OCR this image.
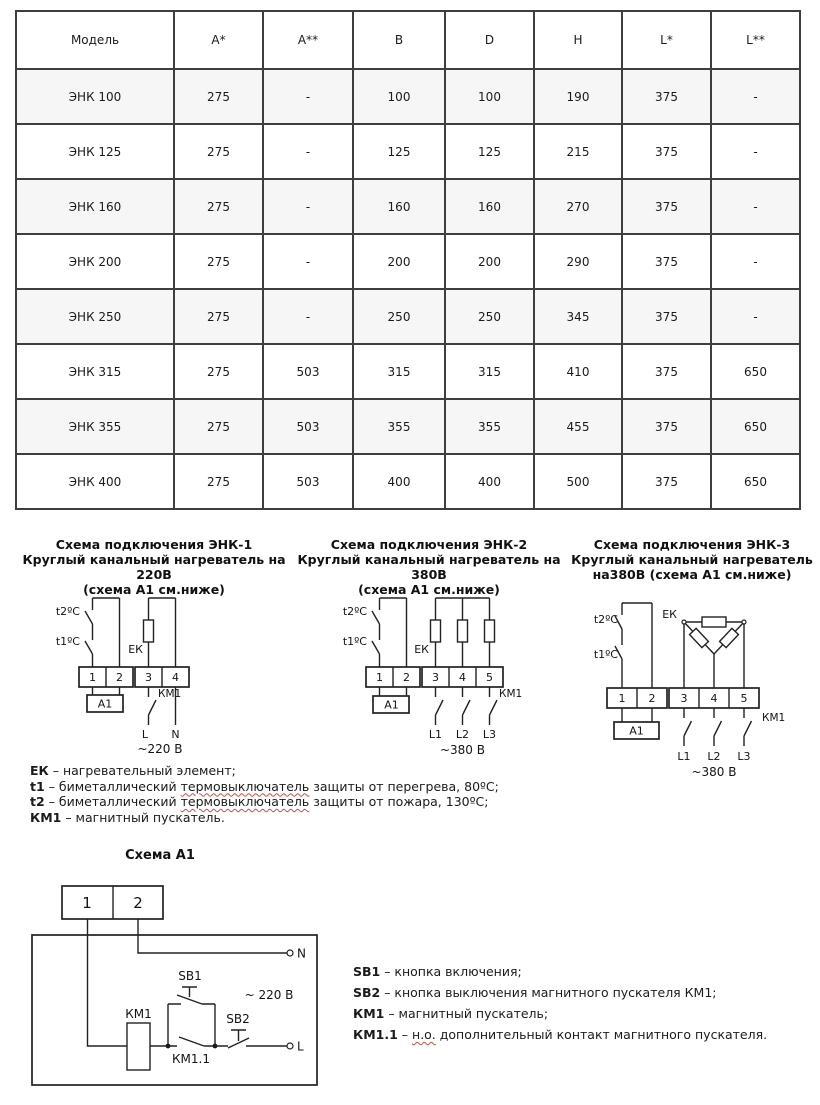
Модель	A*	A**	B	D	H	L*	L**
ЭНК 100	275	-	100	100	190	375	-
ЭНК 125	275	-	125	125	215	375	-
ЭНК 160	275	-	160	160	270	375	-
ЭНК 200	275	-	200	200	290	375	-
ЭНК 250	275	-	250	250	345	375	-
ЭНК 315	275	503	315	315	410	375	650
ЭНК 355	275	503	355	355	455	375	650
ЭНК 400	275	503	400	400	500	375	650
Схема подключения ЭНК-1
Круглый канальный нагреватель на 220В
(схема А1 см.ниже)
Схема подключения ЭНК-2
Круглый канальный нагреватель на 380В
(схема А1 см.ниже)
Схема подключения ЭНК-3
Круглый канальный нагреватель
на380В (схема А1 см.ниже)
t2ºС
t1ºС
ЕК
1 2 3 4
А1
КМ1
L N
~220 В
t2ºС
t1ºС
ЕК
1 2 3 4 5
А1
КМ1
L1 L2 L3
~380 В
t2ºС
t1ºС
ЕК
1 2 3 4 5
А1
КМ1
L1 L2 L3
~380 В
ЕК – нагревательный элемент;
t1 – биметаллический термовыключатель защиты от перегрева, 80ºС;
t2 – биметаллический термовыключатель защиты от пожара, 130ºС;
КМ1 – магнитный пускатель.
Схема А1
1	2
КМ1
SB1
SB2
КМ1.1
N
L
~ 220 В
SB1 – кнопка включения;
SB2 – кнопка выключения магнитного пускателя КМ1;
КМ1 – магнитный пускатель;
КМ1.1 – н.о. дополнительный контакт магнитного пускателя.
